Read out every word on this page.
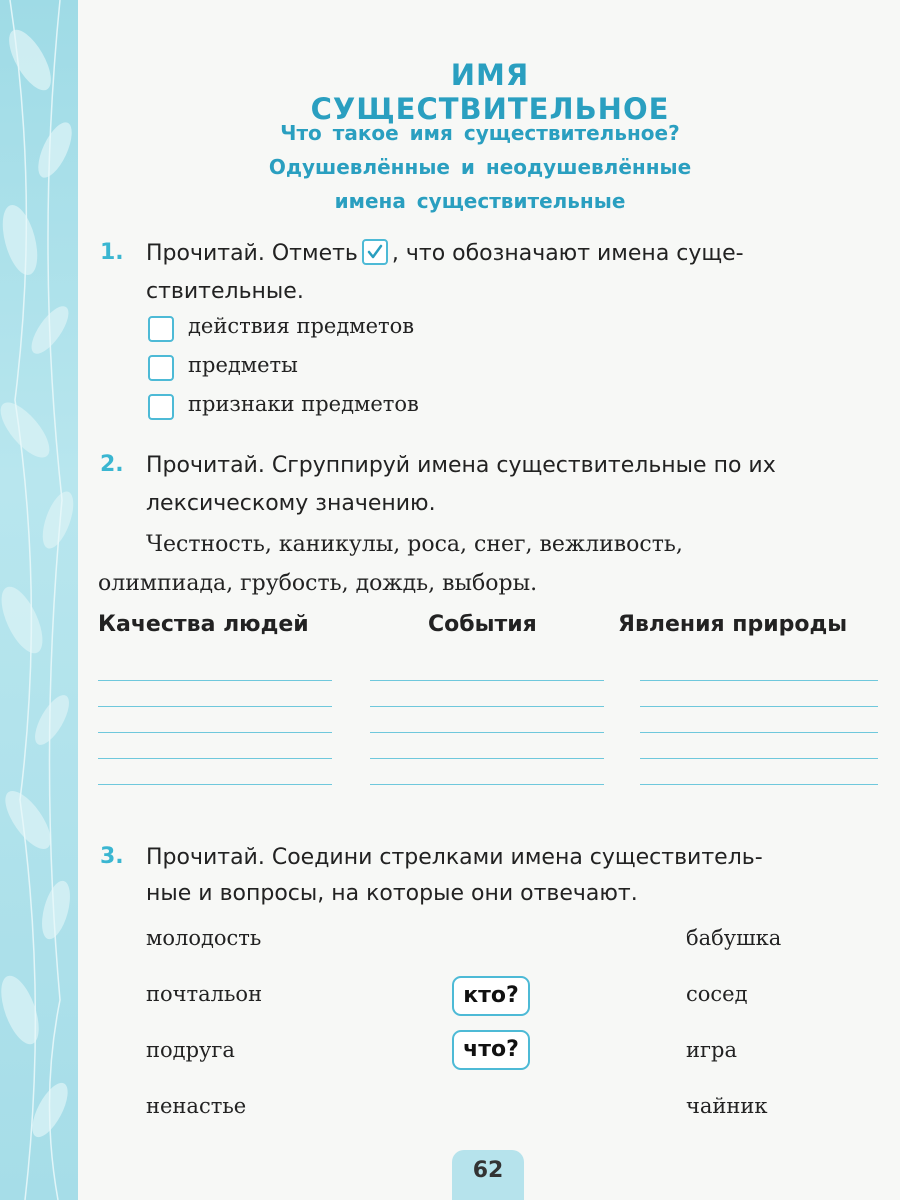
ИМЯ СУЩЕСТВИТЕЛЬНОЕ
Что такое имя существительное?
Одушевлённые и неодушевлённые
имена существительные
1. Прочитай. Отметь , что обозначают имена суще-
ствительные.
действия предметов
предметы
признаки предметов
2. Прочитай. Сгруппируй имена существительные по их
лексическому значению.
Честность, каникулы, роса, снег, вежливость,
олимпиада, грубость, дождь, выборы.
Качества людей	События	Явления природы
3. Прочитай. Соедини стрелками имена существитель-
ные и вопросы, на которые они отвечают.
молодость
почтальон
подруга
ненастье
кто?
что?
бабушка
сосед
игра
чайник
62
